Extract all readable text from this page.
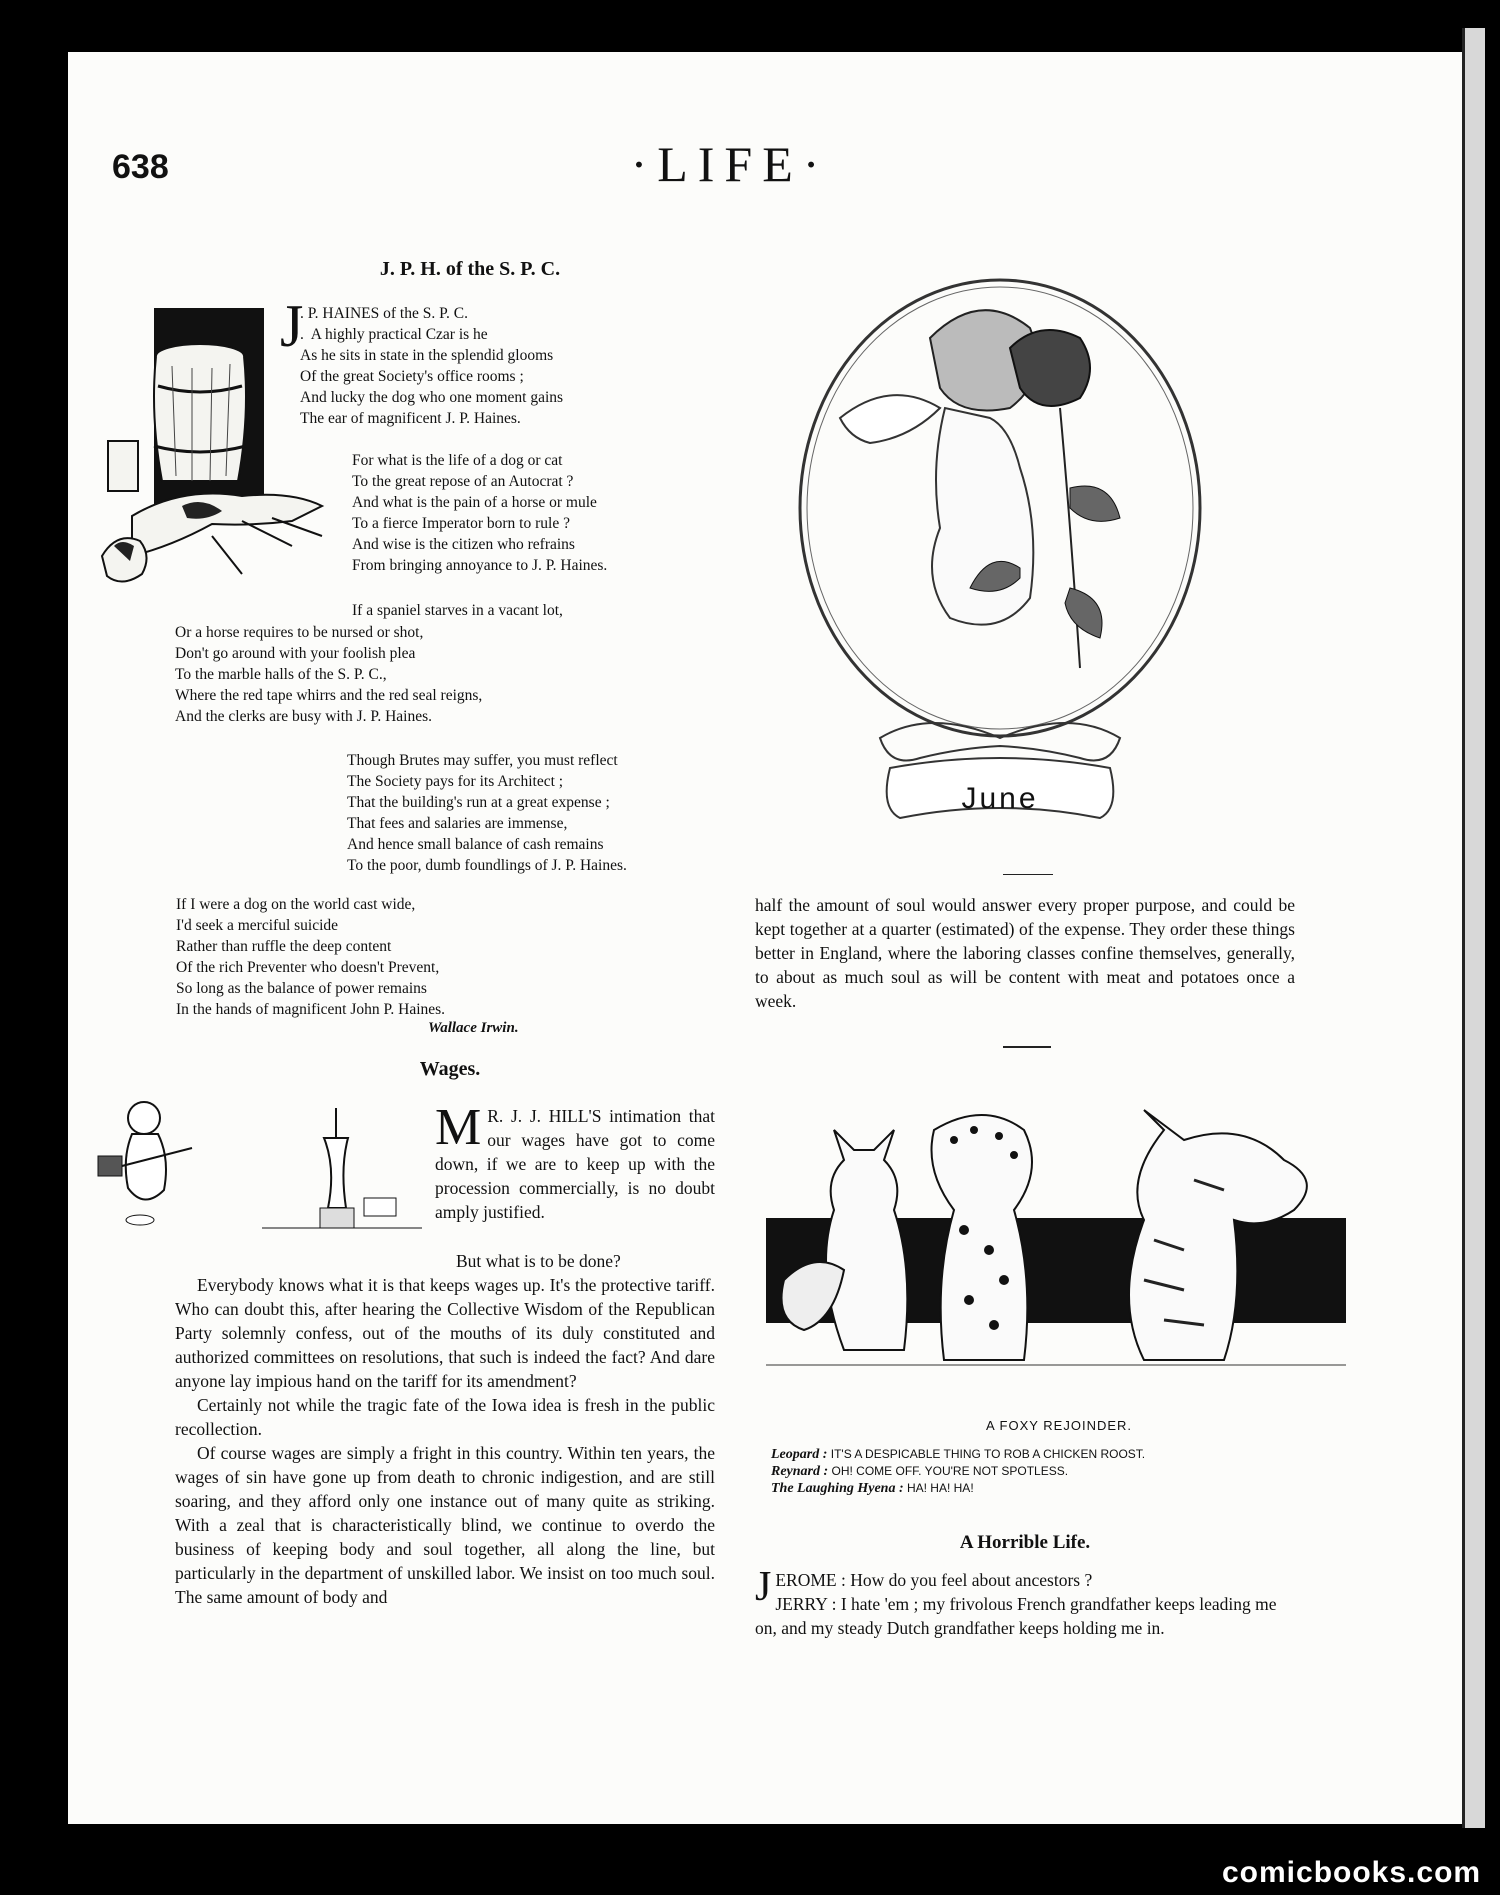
638	·LIFE·
J. P. H. of the S. P. C.
J
. P. HAINES of the S. P. C.
.  A highly practical Czar is he
As he sits in state in the splendid glooms
Of the great Society's office rooms ;
And lucky the dog who one moment gains
The ear of magnificent J. P. Haines.
For what is the life of a dog or cat
To the great repose of an Autocrat ?
And what is the pain of a horse or mule
To a fierce Imperator born to rule ?
And wise is the citizen who refrains
From bringing annoyance to J. P. Haines.
If a spaniel starves in a vacant lot,
Or a horse requires to be nursed or shot,
Don't go around with your foolish plea
To the marble halls of the S. P. C.,
Where the red tape whirrs and the red seal reigns,
And the clerks are busy with J. P. Haines.
Though Brutes may suffer, you must reflect
The Society pays for its Architect ;
That the building's run at a great expense ;
That fees and salaries are immense,
And hence small balance of cash remains
To the poor, dumb foundlings of J. P. Haines.
If I were a dog on the world cast wide,
I'd seek a merciful suicide
Rather than ruffle the deep content
Of the rich Preventer who doesn't Prevent,
So long as the balance of power remains
In the hands of magnificent John P. Haines.
Wallace Irwin.
June
Wages.
M R. J. J. HILL'S intimation that our wages have got to come down, if we are to keep up with the procession commercially, is no doubt amply justified.
But what is to be done?

Everybody knows what it is that keeps wages up. It's the protective tariff. Who can doubt this, after hearing the Collective Wisdom of the Republican Party solemnly confess, out of the mouths of its duly constituted and authorized committees on resolutions, that such is indeed the fact? And dare anyone lay impious hand on the tariff for its amendment?

Certainly not while the tragic fate of the Iowa idea is fresh in the public recollection.

Of course wages are simply a fright in this country. Within ten years, the wages of sin have gone up from death to chronic indigestion, and are still soaring, and they afford only one instance out of many quite as striking. With a zeal that is characteristically blind, we continue to overdo the business of keeping body and soul together, all along the line, but particularly in the department of unskilled labor. We insist on too much soul. The same amount of body and

half the amount of soul would answer every proper purpose, and could be kept together at a quarter (estimated) of the expense. They order these things better in England, where the laboring classes confine themselves, generally, to about as much soul as will be content with meat and potatoes once a week.
A FOXY REJOINDER.
Leopard : IT'S A DESPICABLE THING TO ROB A CHICKEN ROOST.
Reynard : OH! COME OFF. YOU'RE NOT SPOTLESS.
The Laughing Hyena : HA! HA! HA!
A Horrible Life.
JEROME : How do you feel about ancestors ?
JERRY : I hate 'em ; my frivolous French grandfather keeps leading me on, and my steady Dutch grandfather keeps holding me in.
comicbooks.com
